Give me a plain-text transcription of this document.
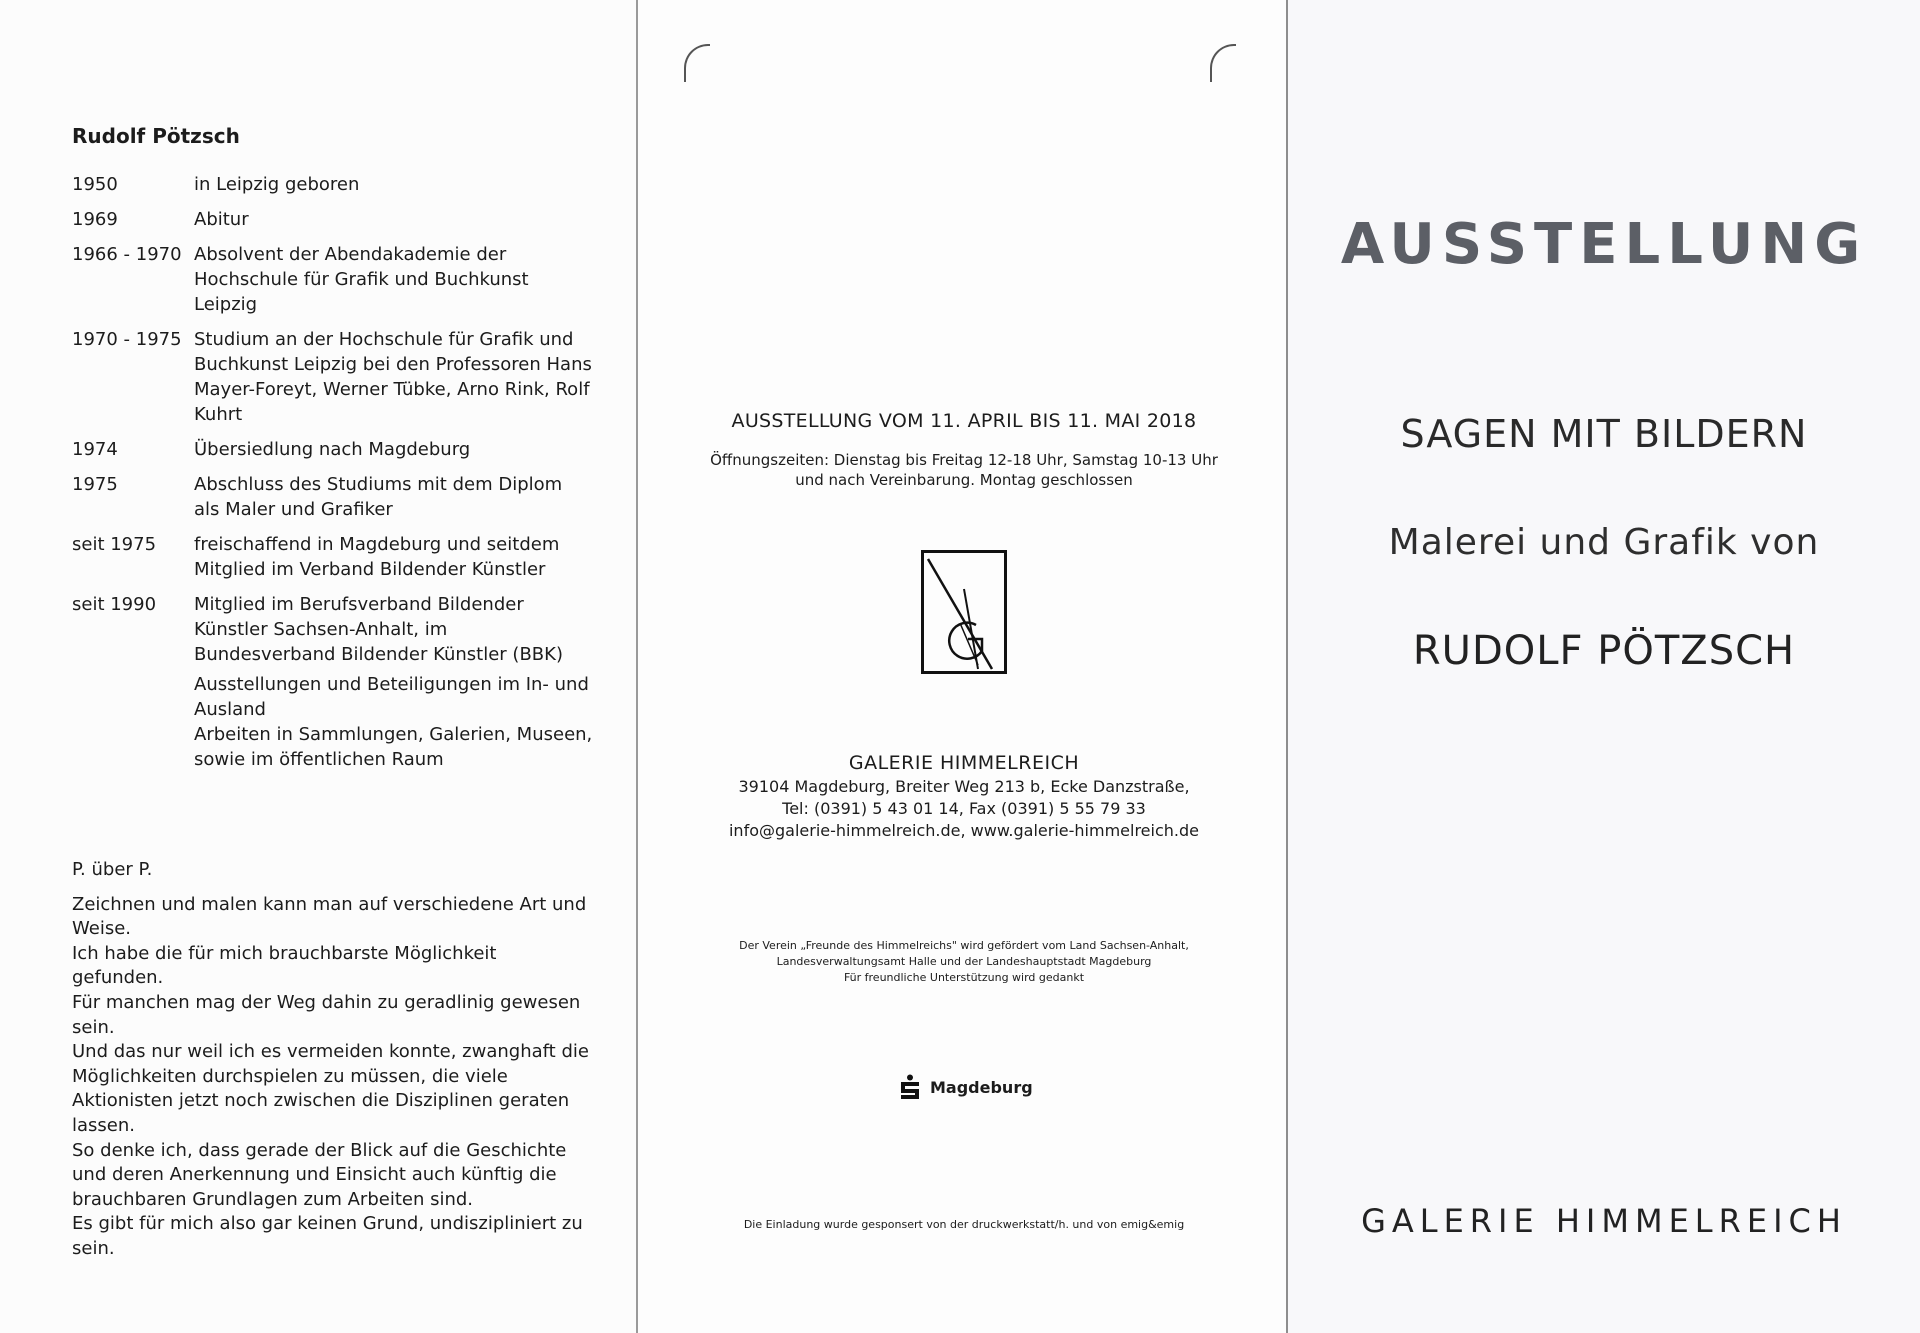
Rudolf Pötzsch
1950	in Leipzig geboren
1969	Abitur
1966 - 1970 Absolvent der Abendakademie der Hochschule für Grafik und Buchkunst Leipzig
1970 - 1975 Studium an der Hochschule für Grafik und Buchkunst Leipzig bei den Professoren Hans Mayer-Foreyt, Werner Tübke, Arno Rink, Rolf Kuhrt
1974	Übersiedlung nach Magdeburg
1975	Abschluss des Studiums mit dem Diplom als Maler und Grafiker
seit 1975	freischaffend in Magdeburg und seitdem Mitglied im Verband Bildender Künstler
seit 1990	Mitglied im Berufsverband Bildender Künstler Sachsen-Anhalt, im Bundesverband Bildender Künstler (BBK)
Ausstellungen und Beteiligungen im In- und Ausland
Arbeiten in Sammlungen, Galerien, Museen, sowie im öffentlichen Raum
P. über P.

Zeichnen und malen kann man auf verschiedene Art und Weise.

Ich habe die für mich brauchbarste Möglichkeit gefunden.

Für manchen mag der Weg dahin zu geradlinig gewesen sein.

Und das nur weil ich es vermeiden konnte, zwanghaft die Möglichkeiten durchspielen zu müssen, die viele Aktionisten jetzt noch zwischen die Disziplinen geraten lassen.

So denke ich, dass gerade der Blick auf die Geschichte und deren Anerkennung und Einsicht auch künftig die brauchbaren Grundlagen zum Arbeiten sind.

Es gibt für mich also gar keinen Grund, undiszipliniert zu sein.

AUSSTELLUNG VOM 11. APRIL BIS 11. MAI 2018
Öffnungszeiten: Dienstag bis Freitag 12-18 Uhr, Samstag 10-13 Uhr
und nach Vereinbarung. Montag geschlossen
GALERIE HIMMELREICH
39104 Magdeburg, Breiter Weg 213 b, Ecke Danzstraße,
Tel: (0391) 5 43 01 14, Fax (0391) 5 55 79 33
info@galerie-himmelreich.de, www.galerie-himmelreich.de
Der Verein „Freunde des Himmelreichs" wird gefördert vom Land Sachsen-Anhalt,
Landesverwaltungsamt Halle und der Landeshauptstadt Magdeburg
Für freundliche Unterstützung wird gedankt
Magdeburg
Die Einladung wurde gesponsert von der druckwerkstatt/h. und von emig&emig
AUSSTELLUNG
SAGEN MIT BILDERN
Malerei und Grafik von
RUDOLF PÖTZSCH
GALERIE HIMMELREICH
